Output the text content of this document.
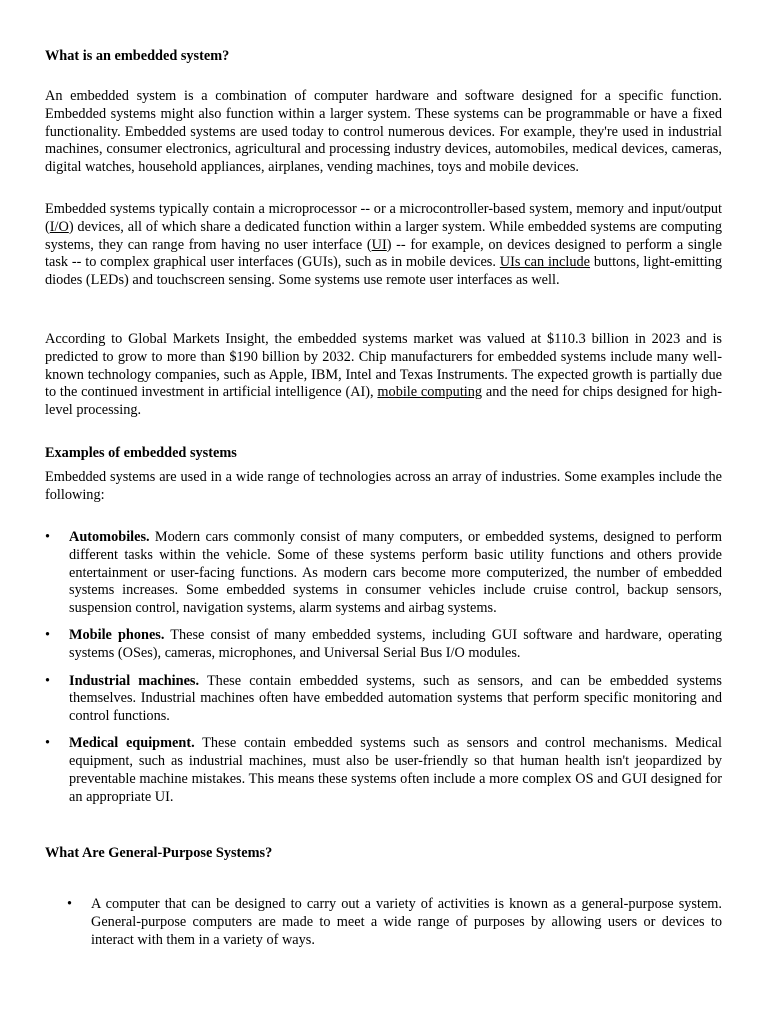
What is an embedded system?

An embedded system is a combination of computer hardware and software designed for a specific function. Embedded systems might also function within a larger system. These systems can be programmable or have a fixed functionality. Embedded systems are used today to control numerous devices. For example, they're used in industrial machines, consumer electronics, agricultural and processing industry devices, automobiles, medical devices, cameras, digital watches, household appliances, airplanes, vending machines, toys and mobile devices.

Embedded systems typically contain a microprocessor -- or a microcontroller-based system, memory and input/output (I/O) devices, all of which share a dedicated function within a larger system. While embedded systems are computing systems, they can range from having no user interface (UI) -- for example, on devices designed to perform a single task -- to complex graphical user interfaces (GUIs), such as in mobile devices. UIs can include buttons, light-emitting diodes (LEDs) and touchscreen sensing. Some systems use remote user interfaces as well.

According to Global Markets Insight, the embedded systems market was valued at $110.3 billion in 2023 and is predicted to grow to more than $190 billion by 2032. Chip manufacturers for embedded systems include many well-known technology companies, such as Apple, IBM, Intel and Texas Instruments. The expected growth is partially due to the continued investment in artificial intelligence (AI), mobile computing and the need for chips designed for high-level processing.

Examples of embedded systems

Embedded systems are used in a wide range of technologies across an array of industries. Some examples include the following:

• Automobiles. Modern cars commonly consist of many computers, or embedded systems, designed to perform different tasks within the vehicle. Some of these systems perform basic utility functions and others provide entertainment or user-facing functions. As modern cars become more computerized, the number of embedded systems increases. Some embedded systems in consumer vehicles include cruise control, backup sensors, suspension control, navigation systems, alarm systems and airbag systems.
• Mobile phones. These consist of many embedded systems, including GUI software and hardware, operating systems (OSes), cameras, microphones, and Universal Serial Bus I/O modules.
• Industrial machines. These contain embedded systems, such as sensors, and can be embedded systems themselves. Industrial machines often have embedded automation systems that perform specific monitoring and control functions.
• Medical equipment. These contain embedded systems such as sensors and control mechanisms. Medical equipment, such as industrial machines, must also be user-friendly so that human health isn't jeopardized by preventable machine mistakes. This means these systems often include a more complex OS and GUI designed for an appropriate UI.
What Are General-Purpose Systems?
• A computer that can be designed to carry out a variety of activities is known as a general-purpose system. General-purpose computers are made to meet a wide range of purposes by allowing users or devices to interact with them in a variety of ways.
